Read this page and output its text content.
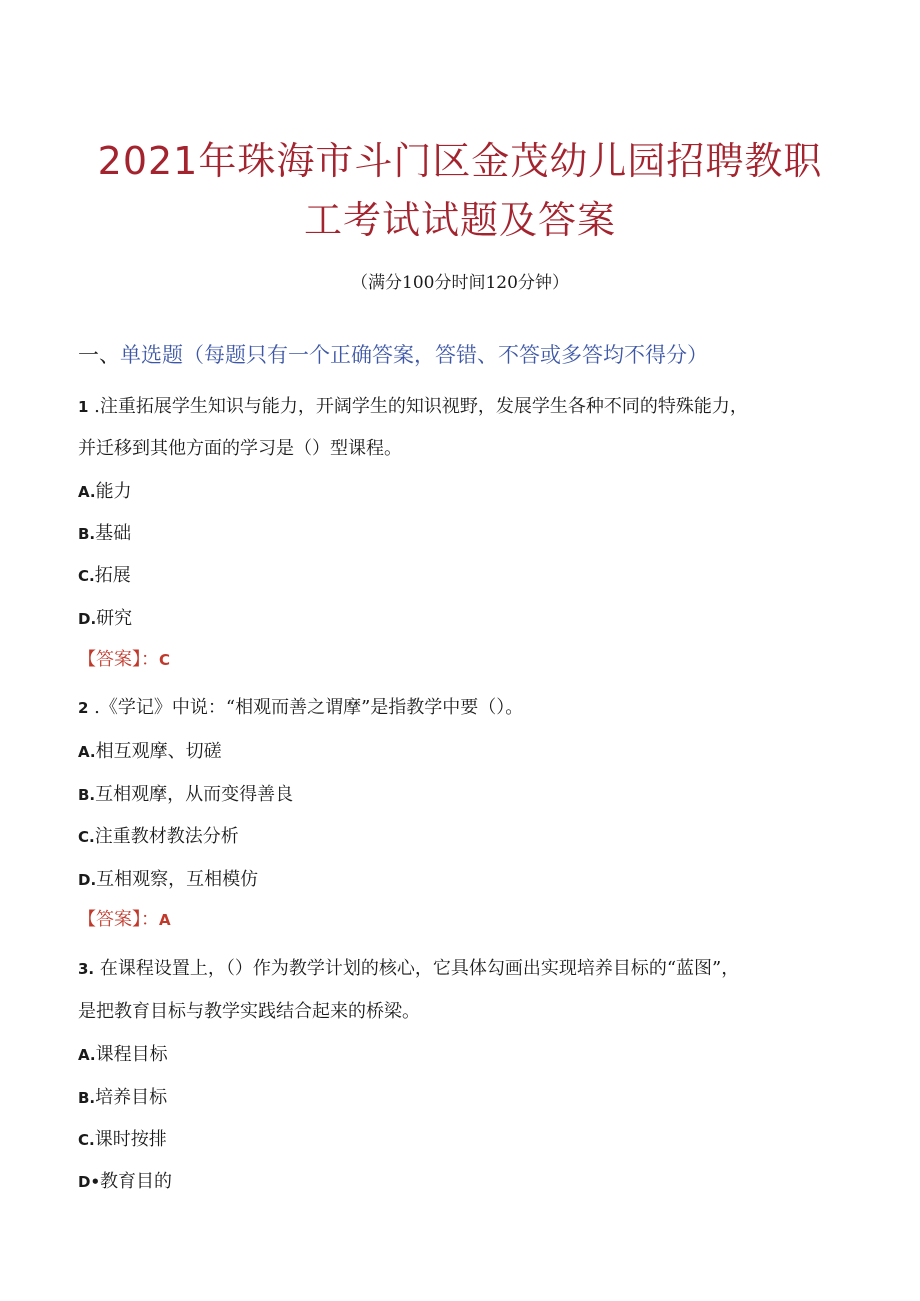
2021年珠海市斗门区金茂幼儿园招聘教职
工考试试题及答案
（满分100分时间120分钟）
一、单选题（每题只有一个正确答案，答错、不答或多答均不得分）
1 .注重拓展学生知识与能力，开阔学生的知识视野，发展学生各种不同的特殊能力，
并迁移到其他方面的学习是（）型课程。
A.能力
B.基础
C.拓展
D.研究
【答案】：C
2 .《学记》中说：“相观而善之谓摩”是指教学中要（）。
A.相互观摩、切磋
B.互相观摩，从而变得善良
C.注重教材教法分析
D.互相观察，互相模仿
【答案】：A
3. 在课程设置上，（）作为教学计划的核心，它具体勾画出实现培养目标的“蓝图”，
是把教育目标与教学实践结合起来的桥梁。
A.课程目标
B.培养目标
C.课时按排
D•教育目的
